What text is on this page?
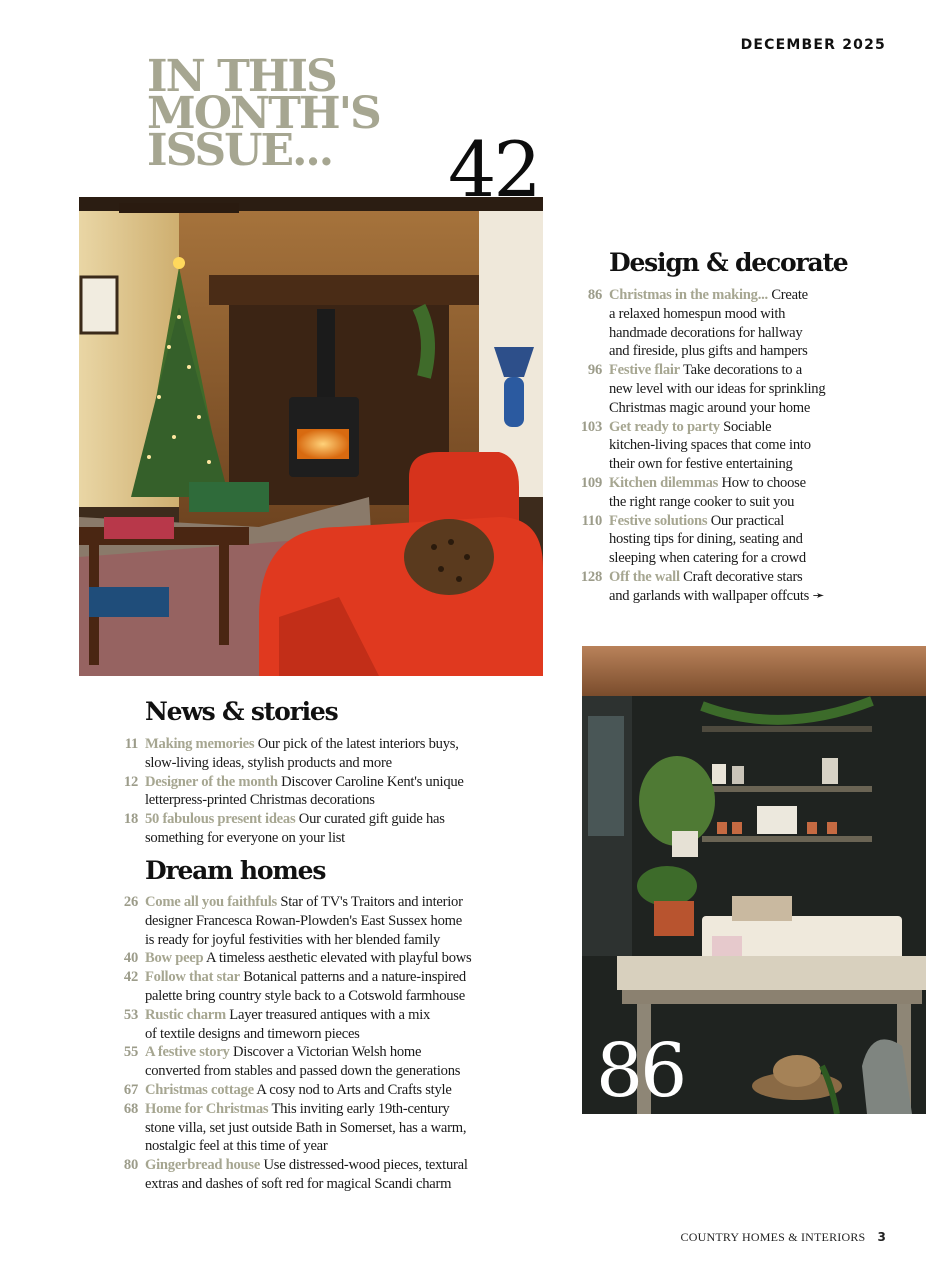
DECEMBER 2025
IN THIS
MONTH'S
ISSUE...	42
Design & decorate
86 Christmas in the making... Create
a relaxed homespun mood with
handmade decorations for hallway
and fireside, plus gifts and hampers
96 Festive flair Take decorations to a
new level with our ideas for sprinkling
Christmas magic around your home
103 Get ready to party Sociable
kitchen-living spaces that come into
their own for festive entertaining
109 Kitchen dilemmas How to choose
the right range cooker to suit you
110 Festive solutions Our practical
hosting tips for dining, seating and
sleeping when catering for a crowd
128 Off the wall Craft decorative stars
and garlands with wallpaper offcuts ➛
86
News & stories
11 Making memories Our pick of the latest interiors buys,
slow-living ideas, stylish products and more
12 Designer of the month Discover Caroline Kent's unique
letterpress-printed Christmas decorations
18 50 fabulous present ideas Our curated gift guide has
something for everyone on your list
Dream homes
26 Come all you faithfuls Star of TV's Traitors and interior
designer Francesca Rowan-Plowden's East Sussex home
is ready for joyful festivities with her blended family
40 Bow peep A timeless aesthetic elevated with playful bows
42 Follow that star Botanical patterns and a nature-inspired
palette bring country style back to a Cotswold farmhouse
53 Rustic charm Layer treasured antiques with a mix
of textile designs and timeworn pieces
55 A festive story Discover a Victorian Welsh home
converted from stables and passed down the generations
67 Christmas cottage A cosy nod to Arts and Crafts style
68 Home for Christmas This inviting early 19th-century
stone villa, set just outside Bath in Somerset, has a warm,
nostalgic feel at this time of year
80 Gingerbread house Use distressed-wood pieces, textural
extras and dashes of soft red for magical Scandi charm
COUNTRY HOMES & INTERIORS 3
